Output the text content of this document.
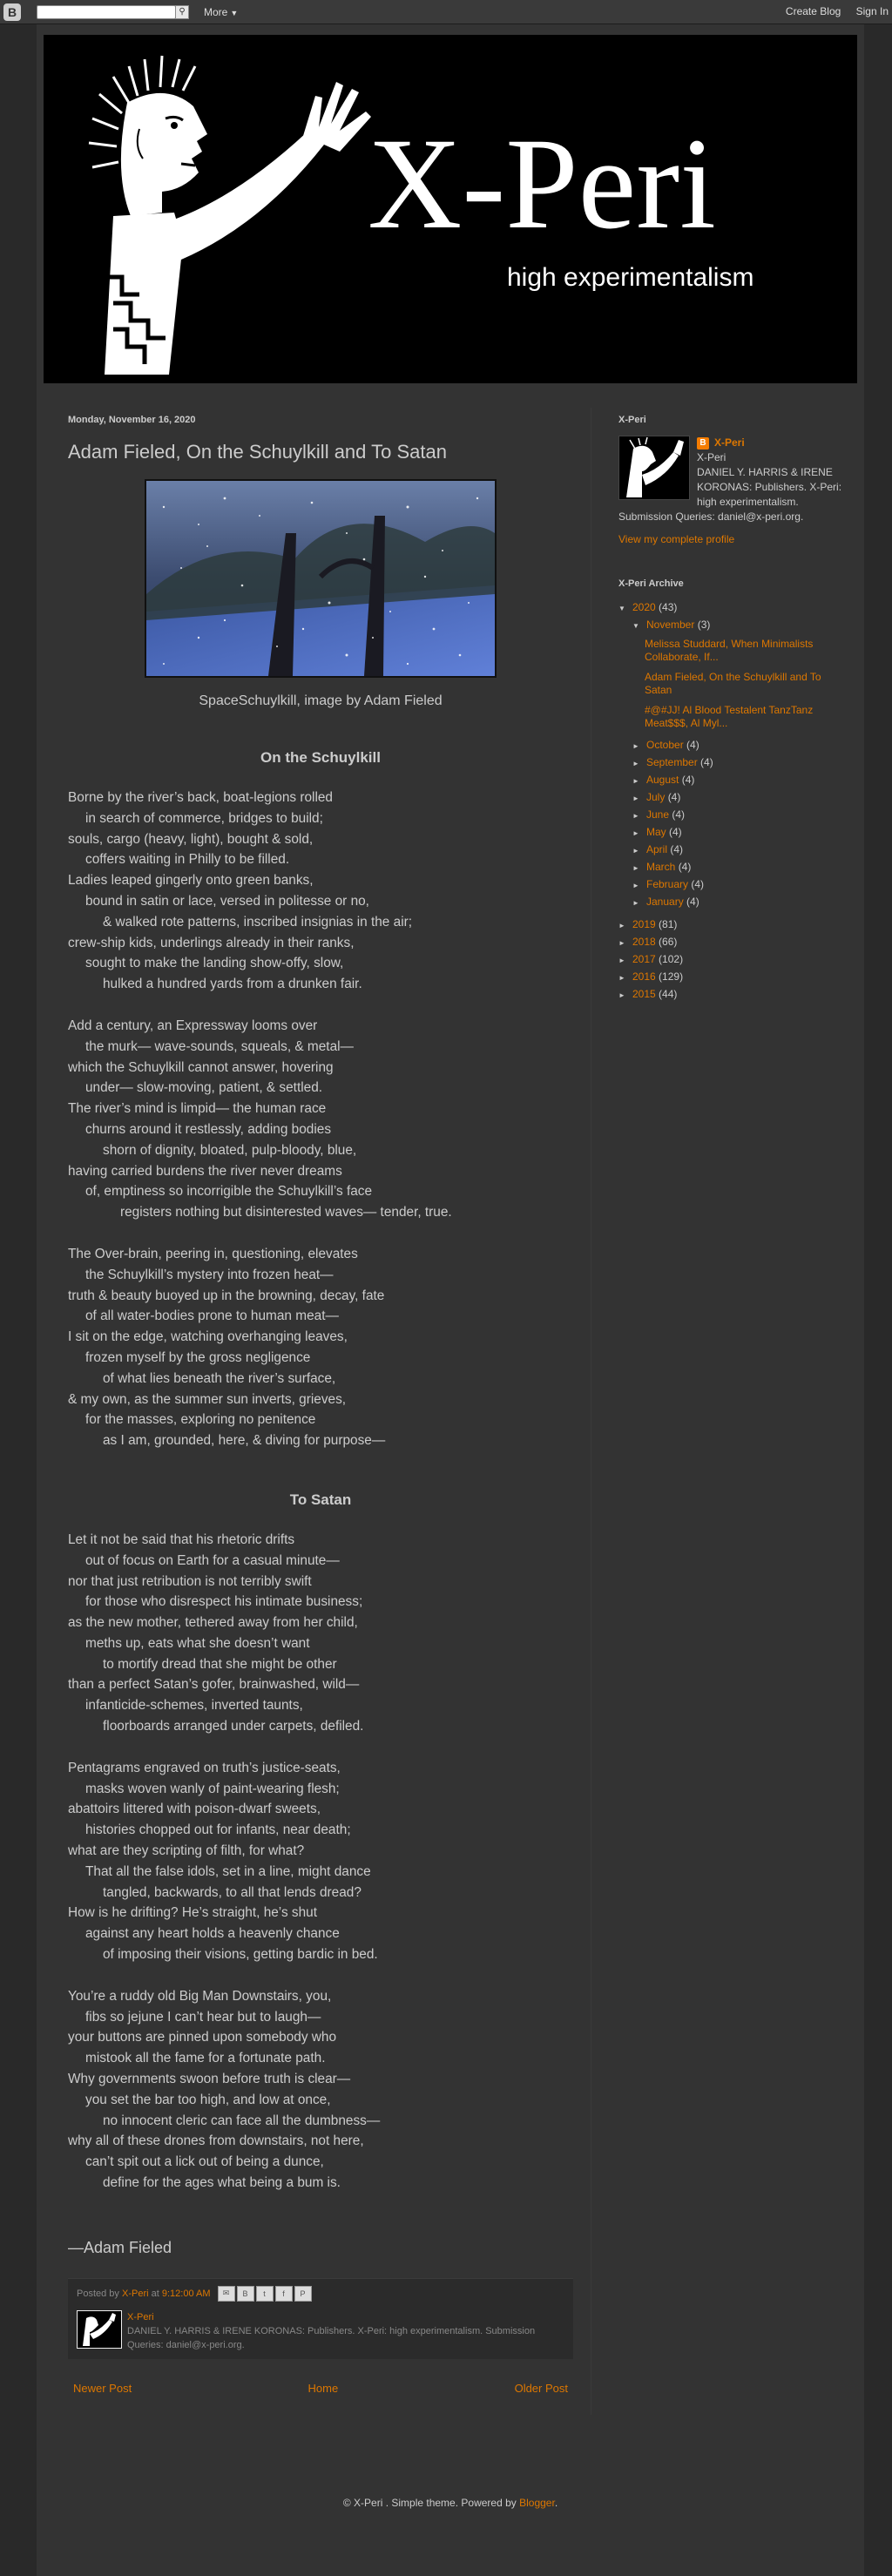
B	⚲	More ▼	Create Blog Sign In
X-Peri
high experimentalism
Monday, November 16, 2020
Adam Fieled, On the Schuylkill and To Satan
SpaceSchuylkill, image by Adam Fieled
On the Schuylkill
Borne by the river’s back, boat-legions rolled
in search of commerce, bridges to build;
souls, cargo (heavy, light), bought & sold,
coffers waiting in Philly to be filled.
Ladies leaped gingerly onto green banks,
bound in satin or lace, versed in politesse or no,
& walked rote patterns, inscribed insignias in the air;
crew-ship kids, underlings already in their ranks,
sought to make the landing show-offy, slow,
hulked a hundred yards from a drunken fair.
Add a century, an Expressway looms over
the murk— wave-sounds, squeals, & metal—
which the Schuylkill cannot answer, hovering
under— slow-moving, patient, & settled.
The river’s mind is limpid— the human race
churns around it restlessly, adding bodies
shorn of dignity, bloated, pulp-bloody, blue,
having carried burdens the river never dreams
of, emptiness so incorrigible the Schuylkill’s face
registers nothing but disinterested waves— tender, true.
The Over-brain, peering in, questioning, elevates
the Schuylkill’s mystery into frozen heat—
truth & beauty buoyed up in the browning, decay, fate
of all water-bodies prone to human meat—
I sit on the edge, watching overhanging leaves,
frozen myself by the gross negligence
of what lies beneath the river’s surface,
& my own, as the summer sun inverts, grieves,
for the masses, exploring no penitence
as I am, grounded, here, & diving for purpose—
To Satan
Let it not be said that his rhetoric drifts
out of focus on Earth for a casual minute—
nor that just retribution is not terribly swift
for those who disrespect his intimate business;
as the new mother, tethered away from her child,
meths up, eats what she doesn’t want
to mortify dread that she might be other
than a perfect Satan’s gofer, brainwashed, wild—
infanticide-schemes, inverted taunts,
floorboards arranged under carpets, defiled.
Pentagrams engraved on truth’s justice-seats,
masks woven wanly of paint-wearing flesh;
abattoirs littered with poison-dwarf sweets,
histories chopped out for infants, near death;
what are they scripting of filth, for what?
That all the false idols, set in a line, might dance
tangled, backwards, to all that lends dread?
How is he drifting? He’s straight, he’s shut
against any heart holds a heavenly chance
of imposing their visions, getting bardic in bed.
You’re a ruddy old Big Man Downstairs, you,
fibs so jejune I can’t hear but to laugh—
your buttons are pinned upon somebody who
mistook all the fame for a fortunate path.
Why governments swoon before truth is clear—
you set the bar too high, and low at once,
no innocent cleric can face all the dumbness—
why all of these drones from downstairs, not here,
can’t spit out a lick out of being a dunce,
define for the ages what being a bum is.
—Adam Fieled
Posted by
X-Peri
at
9:12:00 AM	✉	B	t	f	P
X-Peri
DANIEL Y. HARRIS & IRENE KORONAS: Publishers. X-Peri: high experimentalism. Submission Queries: daniel@x-peri.org.
Newer Post	Home	Older Post
X-Peri
B X-Peri
X-Peri
DANIEL Y. HARRIS & IRENE KORONAS: Publishers. X-Peri: high experimentalism.
Submission Queries: daniel@x-peri.org.
View my complete profile
X-Peri Archive
▼ 2020 (43)
▼ November (3)
Melissa Studdard, When Minimalists Collaborate, If...
Adam Fieled, On the Schuylkill and To Satan
#@#JJ! Al Blood Testalent TanzTanz Meat$$$, Al Myl...
► October (4)
► September (4)
► August (4)
► July (4)
► June (4)
► May (4)
► April (4)
► March (4)
► February (4)
► January (4)
► 2019 (81)
► 2018 (66)
► 2017 (102)
► 2016 (129)
► 2015 (44)
© X-Peri . Simple theme. Powered by Blogger.
